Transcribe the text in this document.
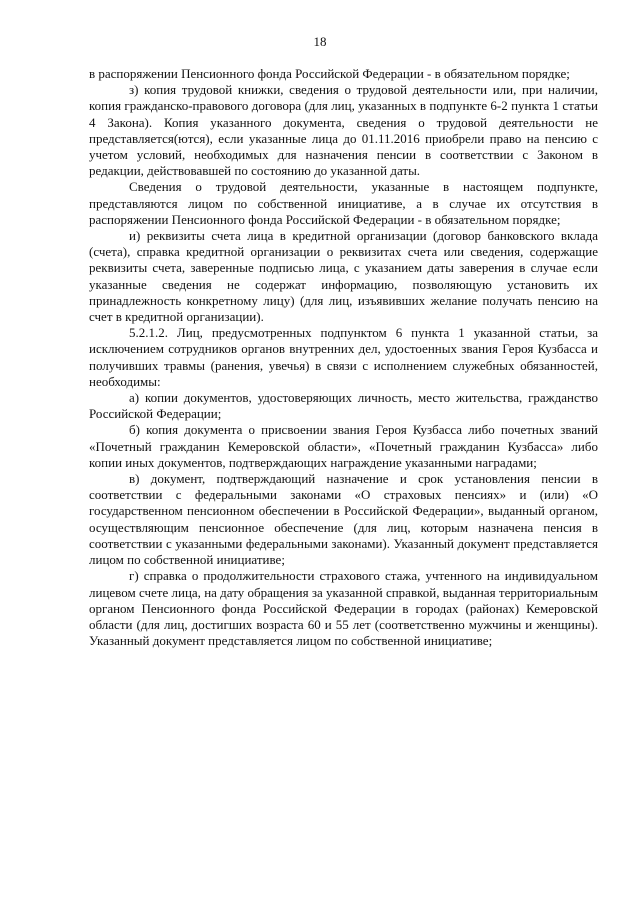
18

в распоряжении Пенсионного фонда Российской Федерации - в обязательном порядке;

з) копия трудовой книжки, сведения о трудовой деятельности или, при наличии, копия гражданско-правового договора (для лиц, указанных в подпункте 6-2 пункта 1 статьи 4 Закона). Копия указанного документа, сведения о трудовой деятельности не представляется(ются), если указанные лица до 01.11.2016 приобрели право на пенсию с учетом условий, необходимых для назначения пенсии в соответствии с Законом в редакции, действовавшей по состоянию до указанной даты.

Сведения о трудовой деятельности, указанные в настоящем подпункте, представляются лицом по собственной инициативе, а в случае их отсутствия в распоряжении Пенсионного фонда Российской Федерации - в обязательном порядке;

и) реквизиты счета лица в кредитной организации (договор банковского вклада (счета), справка кредитной организации о реквизитах счета или сведения, содержащие реквизиты счета, заверенные подписью лица, с указанием даты заверения в случае если указанные сведения не содержат информацию, позволяющую установить их принадлежность конкретному лицу) (для лиц, изъявивших желание получать пенсию на счет в кредитной организации).

5.2.1.2. Лиц, предусмотренных подпунктом 6 пункта 1 указанной статьи, за исключением сотрудников органов внутренних дел, удостоенных звания Героя Кузбасса и получивших травмы (ранения, увечья) в связи с исполнением служебных обязанностей, необходимы:

а) копии документов, удостоверяющих личность, место жительства, гражданство Российской Федерации;

б) копия документа о присвоении звания Героя Кузбасса либо почетных званий «Почетный гражданин Кемеровской области», «Почетный гражданин Кузбасса» либо копии иных документов, подтверждающих награждение указанными наградами;

в) документ, подтверждающий назначение и срок установления пенсии в соответствии с федеральными законами «О страховых пенсиях» и (или) «О государственном пенсионном обеспечении в Российской Федерации», выданный органом, осуществляющим пенсионное обеспечение (для лиц, которым назначена пенсия в соответствии с указанными федеральными законами). Указанный документ представляется лицом по собственной инициативе;

г) справка о продолжительности страхового стажа, учтенного на индивидуальном лицевом счете лица, на дату обращения за указанной справкой, выданная территориальным органом Пенсионного фонда Российской Федерации в городах (районах) Кемеровской области (для лиц, достигших возраста 60 и 55 лет (соответственно мужчины и женщины). Указанный документ представляется лицом по собственной инициативе;
